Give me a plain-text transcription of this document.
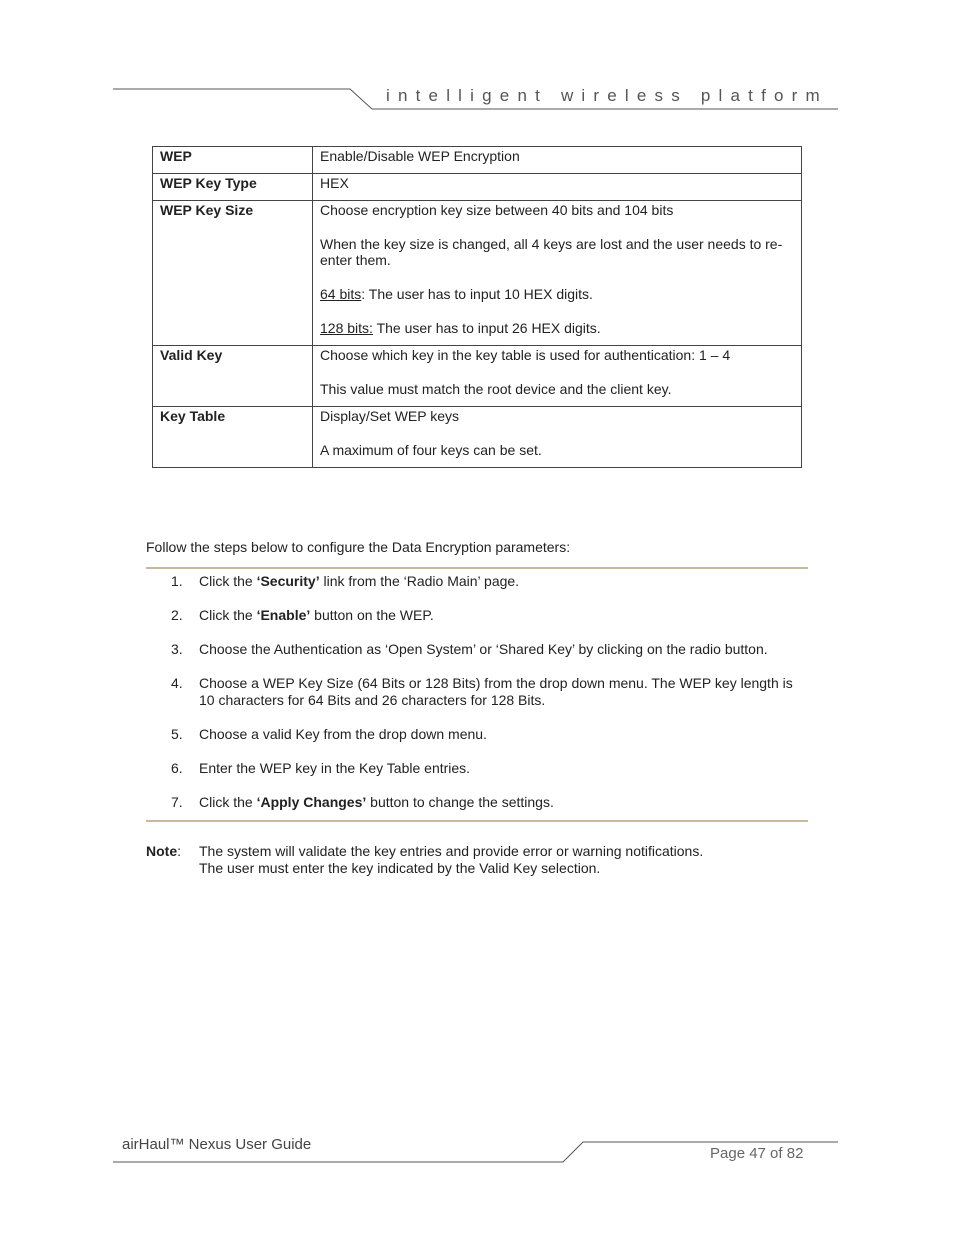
intelligent wireless platform
WEP	Enable/Disable WEP Encryption

WEP Key Type	HEX

WEP Key Size	Choose encryption key size between 40 bits and 104 bits

When the key size is changed, all 4 keys are lost and the user needs to re-enter them.

64 bits: The user has to input 10 HEX digits.

128 bits: The user has to input 26 HEX digits.

Valid Key	Choose which key in the key table is used for authentication: 1 – 4

This value must match the root device and the client key.

Key Table	Display/Set WEP keys

A maximum of four keys can be set.

Follow the steps below to configure the Data Encryption parameters:

1. Click the ‘Security’ link from the ‘Radio Main’ page.
2. Click the ‘Enable’ button on the WEP.
3. Choose the Authentication as ‘Open System’ or ‘Shared Key’ by clicking on the radio button.
4. Choose a WEP Key Size (64 Bits or 128 Bits) from the drop down menu. The WEP key length is 10 characters for 64 Bits and 26 characters for 128 Bits.
5. Choose a valid Key from the drop down menu.
6. Enter the WEP key in the Key Table entries.
7. Click the ‘Apply Changes’ button to change the settings.
Note: The system will validate the key entries and provide error or warning notifications.
The user must enter the key indicated by the Valid Key selection.
airHaul™ Nexus User Guide
Page 47 of 82
